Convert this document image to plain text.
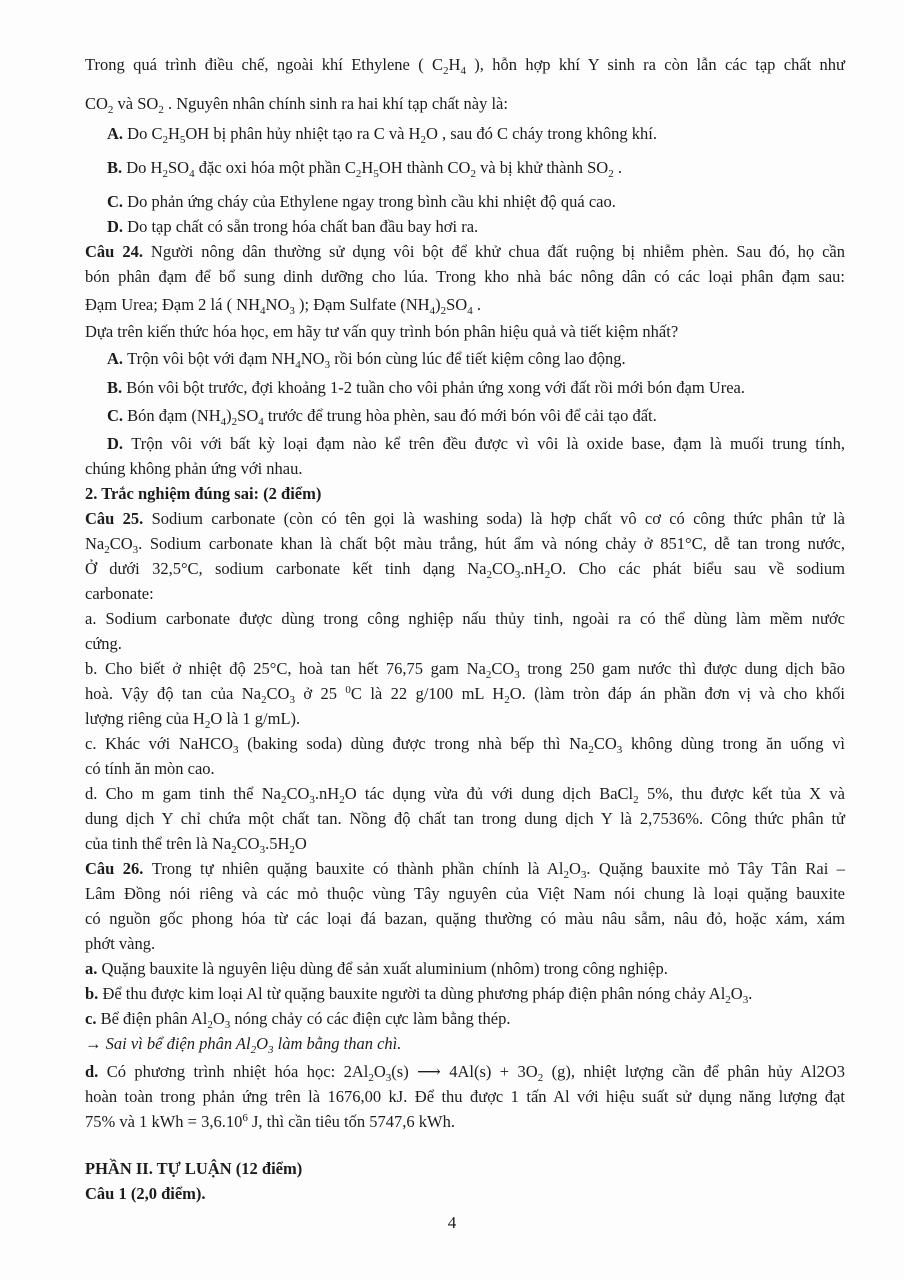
Trong quá trình điều chế, ngoài khí Ethylene ( $C_2H_4$ ), hỗn hợp khí Y sinh ra còn lẫn các tạp chất như
$CO_2$ và $SO_2$ . Nguyên nhân chính sinh ra hai khí tạp chất này là:
A. Do $C_2H_5OH$ bị phân hủy nhiệt tạo ra C và $H_2O$ , sau đó C cháy trong không khí.
B. Do $H_2SO_4$ đặc oxi hóa một phần $C_2H_5OH$ thành $CO_2$ và bị khử thành $SO_2$ .
C. Do phản ứng cháy của Ethylene ngay trong bình cầu khi nhiệt độ quá cao.
D. Do tạp chất có sẵn trong hóa chất ban đầu bay hơi ra.
Câu 24. Người nông dân thường sử dụng vôi bột để khử chua đất ruộng bị nhiễm phèn. Sau đó, họ cần
bón phân đạm để bổ sung dinh dưỡng cho lúa. Trong kho nhà bác nông dân có các loại phân đạm sau:
Đạm Urea; Đạm 2 lá ( $NH_4NO_3$ ); Đạm Sulfate $(NH_4)_2SO_4$ .
Dựa trên kiến thức hóa học, em hãy tư vấn quy trình bón phân hiệu quả và tiết kiệm nhất?
A. Trộn vôi bột với đạm $NH_4NO_3$ rồi bón cùng lúc để tiết kiệm công lao động.
B. Bón vôi bột trước, đợi khoảng 1-2 tuần cho vôi phản ứng xong với đất rồi mới bón đạm Urea.
C. Bón đạm $(NH_4)_2SO_4$ trước để trung hòa phèn, sau đó mới bón vôi để cải tạo đất.
D. Trộn vôi với bất kỳ loại đạm nào kể trên đều được vì vôi là oxide base, đạm là muối trung tính,
chúng không phản ứng với nhau.
2. Trắc nghiệm đúng sai: (2 điểm)
Câu 25. Sodium carbonate (còn có tên gọi là washing soda) là hợp chất vô cơ có công thức phân tử là
$Na_2CO_3$. Sodium carbonate khan là chất bột màu trắng, hút ẩm và nóng chảy ở 851°C, dễ tan trong nước,
Ở dưới 32,5°C, sodium carbonate kết tinh dạng $Na_2CO_3.nH_2O$. Cho các phát biểu sau về sodium
carbonate:
a. Sodium carbonate được dùng trong công nghiệp nấu thủy tinh, ngoài ra có thể dùng làm mềm nước
cứng.
b. Cho biết ở nhiệt độ 25°C, hoà tan hết 76,75 gam $Na_2CO_3$ trong 250 gam nước thì được dung dịch bão
hoà. Vậy độ tan của $Na_2CO_3$ ở 25 $^0$C là 22 g/100 mL $H_2O$. (làm tròn đáp án phần đơn vị và cho khối
lượng riêng của $H_2O$ là 1 g/mL).
c. Khác với NaHCO$_3$ (baking soda) dùng được trong nhà bếp thì $Na_2CO_3$ không dùng trong ăn uống vì
có tính ăn mòn cao.
d. Cho m gam tinh thể $Na_2CO_3.nH_2O$ tác dụng vừa đủ với dung dịch BaCl$_2$ 5%, thu được kết tủa X và
dung dịch Y chỉ chứa một chất tan. Nồng độ chất tan trong dung dịch Y là 2,7536%. Công thức phân tử
của tinh thể trên là $Na_2CO_3.5H_2O$
Câu 26. Trong tự nhiên quặng bauxite có thành phần chính là $Al_2O_3$. Quặng bauxite mỏ Tây Tân Rai –
Lâm Đồng nói riêng và các mỏ thuộc vùng Tây nguyên của Việt Nam nói chung là loại quặng bauxite
có nguồn gốc phong hóa từ các loại đá bazan, quặng thường có màu nâu sẫm, nâu đỏ, hoặc xám, xám
phớt vàng.
a. Quặng bauxite là nguyên liệu dùng để sản xuất aluminium (nhôm) trong công nghiệp.
b. Để thu được kim loại Al từ quặng bauxite người ta dùng phương pháp điện phân nóng chảy $Al_2O_3$.
c. Bể điện phân $Al_2O_3$ nóng chảy có các điện cực làm bằng thép.
→ Sai vì bể điện phân $Al_2O_3$ làm bằng than chì.
d. Có phương trình nhiệt hóa học: $2Al_2O_3(s)$ ⟶ $4Al(s) + 3O_2$ (g), nhiệt lượng cần để phân hủy Al2O3
hoàn toàn trong phản ứng trên là 1676,00 kJ. Để thu được 1 tấn Al với hiệu suất sử dụng năng lượng đạt
75% và 1 kWh = $3,6.10^6$ J, thì cần tiêu tốn 5747,6 kWh.
PHẦN II. TỰ LUẬN (12 điểm)
Câu 1 (2,0 điểm).
4
